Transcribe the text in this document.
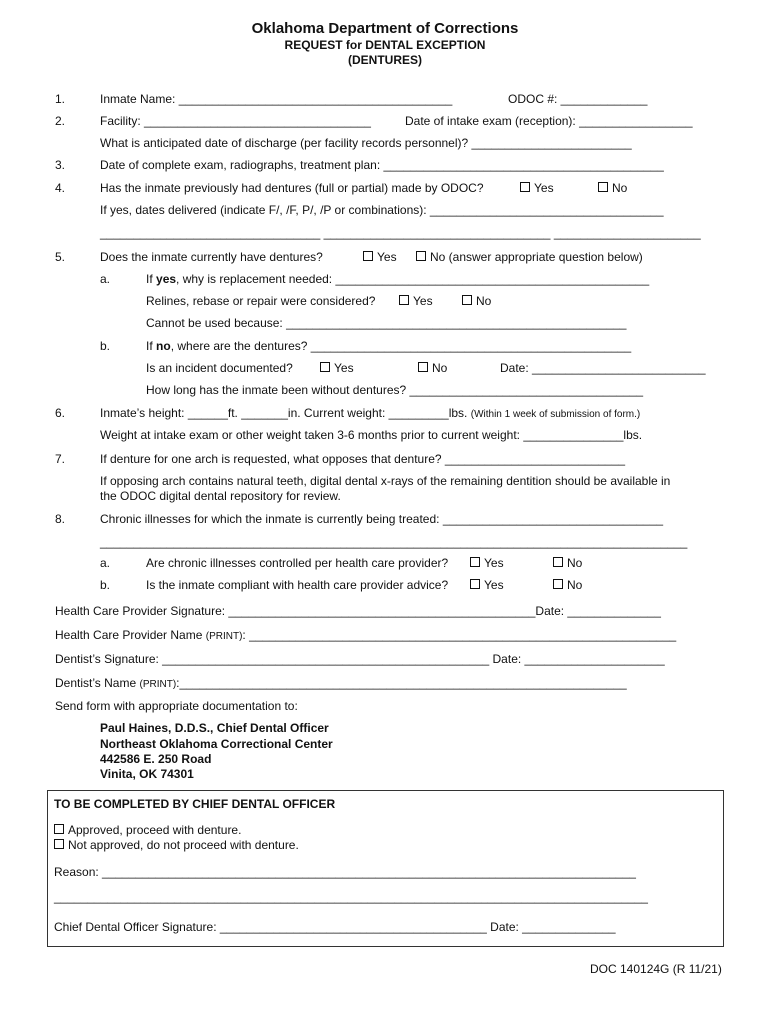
Oklahoma Department of Corrections
REQUEST for DENTAL EXCEPTION
(DENTURES)
1.	Inmate Name: _________________________________________	ODOC #: _____________
2.	Facility: __________________________________	Date of intake exam (reception): _________________
What is anticipated date of discharge (per facility records personnel)? ________________________
3.	Date of complete exam, radiographs, treatment plan: __________________________________________
4.	Has the inmate previously had dentures (full or partial) made by ODOC?	Yes	No
If yes, dates delivered (indicate F/, /F, P/, /P or combinations): ___________________________________
_________________________________ __________________________________ ______________________
5.	Does the inmate currently have dentures?	Yes	No (answer appropriate question below)
a.	If yes, why is replacement needed: _______________________________________________
Relines, rebase or repair were considered?	Yes	No
Cannot be used because: ___________________________________________________
b.	If no, where are the dentures? ________________________________________________
Is an incident documented?	Yes	No	Date: __________________________
How long has the inmate been without dentures? ___________________________________
6.	Inmate’s height: ______ft. _______in. Current weight: _________lbs. (Within 1 week of submission of form.)
Weight at intake exam or other weight taken 3-6 months prior to current weight: _______________lbs.
7.	If denture for one arch is requested, what opposes that denture? ___________________________
If opposing arch contains natural teeth, digital dental x-rays of the remaining dentition should be available in
the ODOC digital dental repository for review.
8.	Chronic illnesses for which the inmate is currently being treated: _________________________________
________________________________________________________________________________________
a.	Are chronic illnesses controlled per health care provider?	Yes	No
b.	Is the inmate compliant with health care provider advice?	Yes	No
Health Care Provider Signature: ______________________________________________Date: ______________
Health Care Provider Name (PRINT): ________________________________________________________________
Dentist’s Signature: _________________________________________________ Date: _____________________
Dentist’s Name (PRINT):___________________________________________________________________
Send form with appropriate documentation to:
Paul Haines, D.D.S., Chief Dental Officer
Northeast Oklahoma Correctional Center
442586 E. 250 Road
Vinita, OK 74301
TO BE COMPLETED BY CHIEF DENTAL OFFICER
Approved, proceed with denture.
Not approved, do not proceed with denture.
Reason: ________________________________________________________________________________
_________________________________________________________________________________________
Chief Dental Officer Signature: ________________________________________ Date: ______________
DOC 140124G (R 11/21)
